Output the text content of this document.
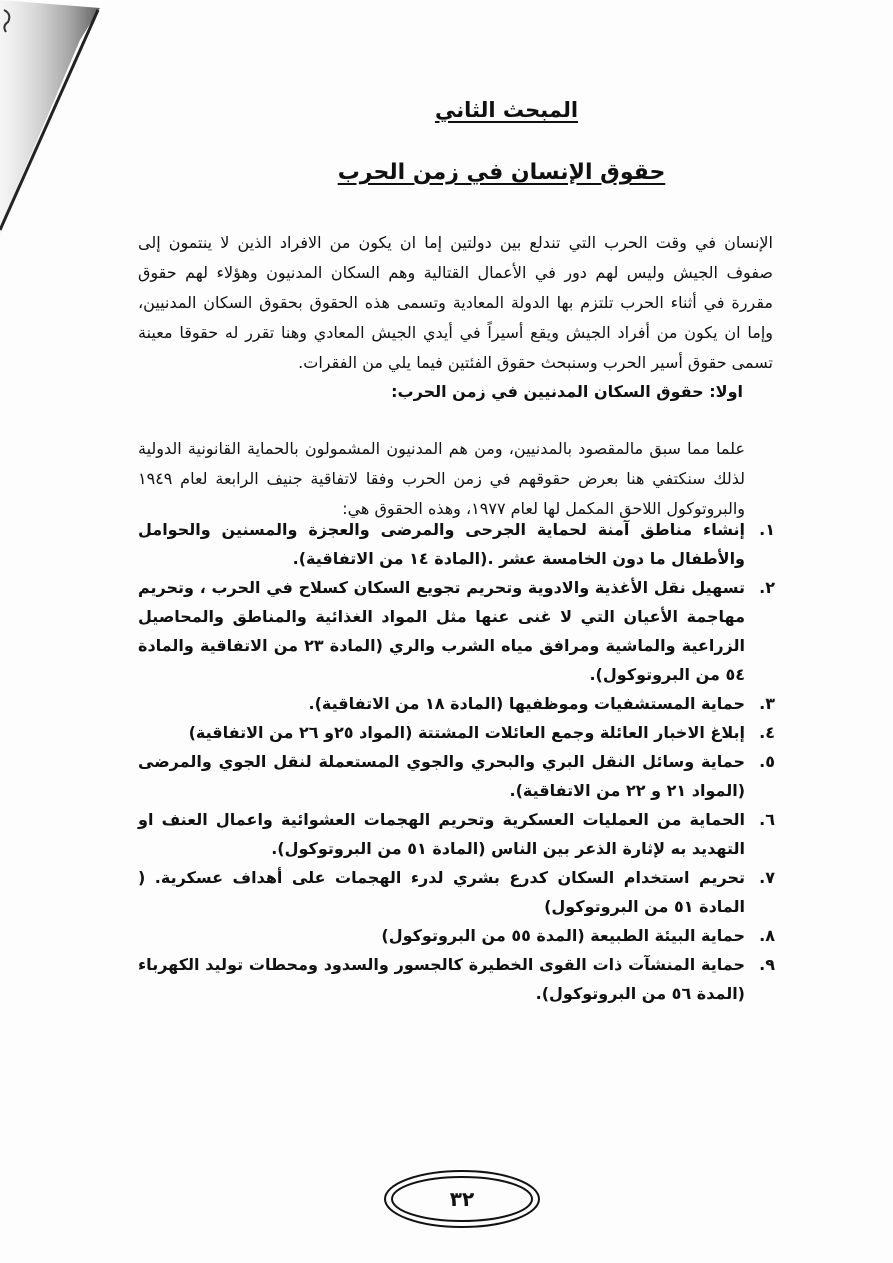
المبحث الثاني
حقوق الإنسان في زمن الحرب

الإنسان في وقت الحرب التي تندلع بين دولتين إما ان يكون من الافراد الذين لا ينتمون إلى صفوف الجيش وليس لهم دور في الأعمال القتالية وهم السكان المدنيون وهؤلاء لهم حقوق مقررة في أثناء الحرب تلتزم بها الدولة المعادية وتسمى هذه الحقوق بحقوق السكان المدنيين، وإما ان يكون من أفراد الجيش ويقع أسيراً في أيدي الجيش المعادي وهنا تقرر له حقوقا معينة تسمى حقوق أسير الحرب وسنبحث حقوق الفئتين فيما يلي من الفقرات.

اولا: حقوق السكان المدنيين في زمن الحرب:

علما مما سبق مالمقصود بالمدنيين، ومن هم المدنيون المشمولون بالحماية القانونية الدولية لذلك سنكتفي هنا بعرض حقوقهم في زمن الحرب وفقا لاتفاقية جنيف الرابعة لعام ١٩٤٩ والبروتوكول اللاحق المكمل لها لعام ١٩٧٧، وهذه الحقوق هي:

١.
إنشاء مناطق آمنة لحماية الجرحى والمرضى والعجزة والمسنين والحوامل والأطفال ما دون الخامسة عشر .(المادة ١٤ من الاتفاقية).
٢.
تسهيل نقل الأغذية والادوية وتحريم تجويع السكان كسلاح في الحرب ، وتحريم مهاجمة الأعيان التي لا غنى عنها مثل المواد الغذائية والمناطق والمحاصيل الزراعية والماشية ومرافق مياه الشرب والري (المادة ٢٣ من الاتفاقية والمادة ٥٤ من البروتوكول).
٣.
حماية المستشفيات وموظفيها (المادة ١٨ من الاتفاقية).
٤.
إبلاغ الاخبار العائلة وجمع العائلات المشتتة (المواد ٢٥و ٢٦ من الاتفاقية)
٥.
حماية وسائل النقل البري والبحري والجوي المستعملة لنقل الجوي والمرضى (المواد ٢١ و ٢٢ من الاتفاقية).
٦.
الحماية من العمليات العسكرية وتحريم الهجمات العشوائية واعمال العنف او التهديد به لإثارة الذعر بين الناس (المادة ٥١ من البروتوكول).
٧.
تحريم استخدام السكان كدرع بشري لدرء الهجمات على أهداف عسكرية. ( المادة ٥١ من البروتوكول)
٨.
حماية البيئة الطبيعة (المدة ٥٥ من البروتوكول)
٩.
حماية المنشآت ذات القوى الخطيرة كالجسور والسدود ومحطات توليد الكهرباء (المدة ٥٦ من البروتوكول).
٣٢
